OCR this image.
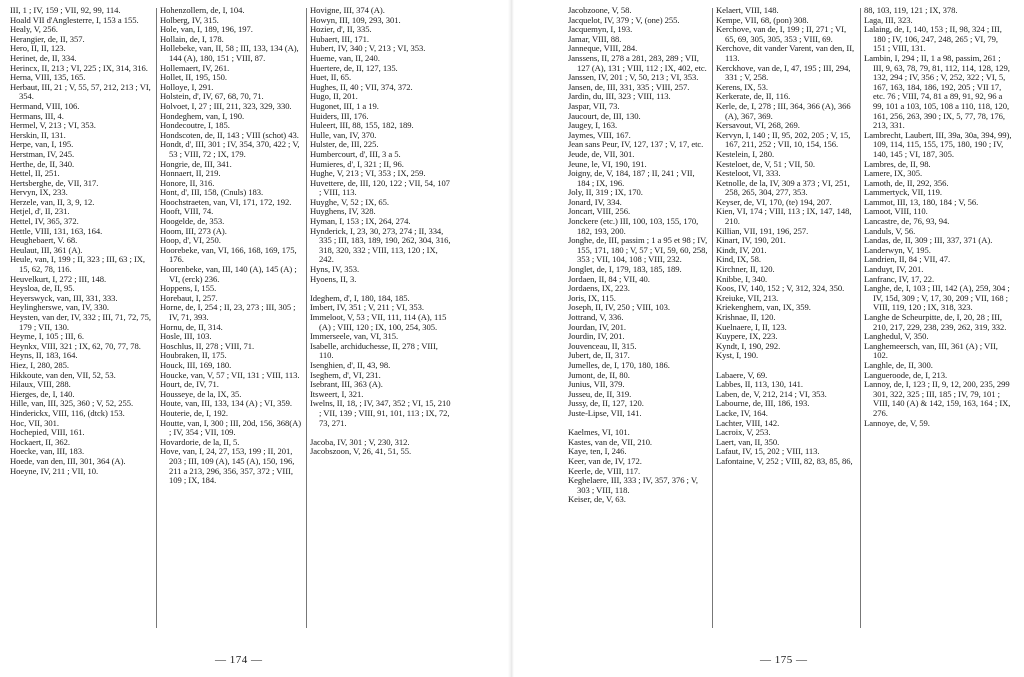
III, 1 ; IV, 159 ; VII, 92, 99, 114.

Hoald VII d'Anglesterre, I, 153 a 155.

Healy, V, 256.

Herangier, de, II, 357.

Hero, II, II, 123.

Herinet, de, II, 334.

Herincx, II, 213 ; VI, 225 ; IX, 314, 316.

Herna, VIII, 135, 165.

Herbaut, III, 21 ; V, 55, 57, 212, 213 ; VI, 354.

Hermand, VIII, 106.

Hermans, III, 4.

Hermel, V, 213 ; VI, 353.

Herskin, II, 131.

Herpe, van, I, 195.

Herstman, IV, 245.

Herthe, de, II, 340.

Hettel, II, 251.

Hertsberghe, de, VII, 317.

Hervyn, IX, 233.

Herzele, van, II, 3, 9, 12.

Hetjel, d', II, 231.

Hettel, IV, 365, 372.

Hettle, VIII, 131, 163, 164.

Heughebaert, V. 68.

Heulaut, III, 361 (A).

Heule, van, I, 199 ; II, 323 ; III, 63 ; IX, 15, 62, 78, 116.

Heuvelkurt, I, 272 ; III, 148.

Heysloa, de, II, 95.

Heyerswyck, van, III, 331, 333.

Heylingherswe, van, IV, 330.

Heysten, van der, IV, 332 ; III, 71, 72, 75, 179 ; VII, 130.

Heyme, I, 105 ; III, 6.

Heynkx, VIII, 321 ; IX, 62, 70, 77, 78.

Heyns, II, 183, 164.

Hiez, I, 280, 285.

Hikkoute, van den, VII, 52, 53.

Hilaux, VIII, 288.

Hierges, de, I, 140.

Hille, van, III, 325, 360 ; V, 52, 255.

Hinderickx, VIII, 116, (dtck) 153.

Hoc, VII, 301.

Hochepied, VIII, 161.

Hockaert, II, 362.

Hoecke, van, III, 183.

Hoede, van den, III, 301, 364 (A).

Hoeyne, IV, 211 ; VII, 10.

Hohenzollern, de, I, 104.

Holberg, IV, 315.

Hole, van, I, 189, 196, 197.

Hollain, de, I, 178.

Hollebeke, van, II, 58 ; III, 133, 134 (A), 144 (A), 180, 151 ; VIII, 87.

Hollemaert, IV, 261.

Hollet, II, 195, 150.

Holloye, I, 291.

Holstein, d', IV, 67, 68, 70, 71.

Holvoet, I, 27 ; III, 211, 323, 329, 330.

Hondeghem, van, I, 190.

Hondecoutre, I, 185.

Hondscoten, de, II, 143 ; VIII (schot) 43.

Hondt, d', III, 301 ; IV, 354, 370, 422 ; V, 53 ; VIII, 72 ; IX, 179.

Hongrie, de, III, 341.

Honnaert, II, 219.

Honore, II, 316.

Hont, d', III, 158, (Cnuls) 183.

Hoochstraeten, van, VI, 171, 172, 192.

Hooft, VIII, 74.

Hoogelde, de, 353.

Hoom, III, 273 (A).

Hoop, d', VI, 250.

Hoorebeke, van, VI, 166, 168, 169, 175, 176.

Hoorenbeke, van, III, 140 (A), 145 (A) ; VI, (erck) 236.

Hoppens, I, 155.

Horebaut, I, 257.

Horne, de, I, 254 ; II, 23, 273 ; III, 305 ; IV, 71, 393.

Hornu, de, II, 314.

Hosle, III, 103.

Hoschlus, II, 278 ; VIII, 71.

Houbraken, II, 175.

Houck, III, 169, 180.

Houcke, van, V, 57 ; VII, 131 ; VIII, 113.

Hourt, de, IV, 71.

Housseye, de la, IX, 35.

Houte, van, III, 133, 134 (A) ; VI, 359.

Houterie, de, I, 192.

Houtte, van, I, 300 ; III, 20d, 156, 368(A) ; IV, 354 ; VII, 109.

Hovardorie, de la, II, 5.

Hove, van, I, 24, 27, 153, 199 ; II, 201, 203 ; III, 109 (A), 145 (A), 150, 196, 211 a 213, 296, 356, 357, 372 ; VIII, 109 ; IX, 184.

Hovigne, III, 374 (A).

Howyn, III, 109, 293, 301.

Hozier, d', II, 335.

Hubaert, III, 171.

Hubert, IV, 340 ; V, 213 ; VI, 353.

Hueme, van, II, 240.

Huertere, de, II, 127, 135.

Huet, II, 65.

Hughes, II, 40 ; VII, 374, 372.

Hugo, II, 201.

Hugonet, III, 1 a 19.

Huiders, III, 176.

Huleert, III, 88, 155, 182, 189.

Hulle, van, IV, 370.

Hulster, de, III, 225.

Humbercourt, d', III, 3 a 5.

Humieres, d', I, 321 ; II, 96.

Hughe, V, 213 ; VI, 353 ; IX, 259.

Huvettere, de, III, 120, 122 ; VII, 54, 107 ; VIII, 113.

Huyghe, V, 52 ; IX, 65.

Huyghens, IV, 328.

Hyman, I, 153 ; IX, 264, 274.

Hynderick, I, 23, 30, 273, 274 ; II, 334, 335 ; III, 183, 189, 190, 262, 304, 316, 318, 320, 332 ; VIII, 113, 120 ; IX, 242.

Hyns, IV, 353.

Hyoens, II, 3.

Ideghem, d', I, 180, 184, 185.

Imbert, IV, 351 ; V, 211 ; VI, 353.

Immeloot, V, 53 ; VII, 111, 114 (A), 115 (A) ; VIII, 120 ; IX, 100, 254, 305.

Immerseele, van, VI, 315.

Isabelle, archiduchesse, II, 278 ; VIII, 110.

Isenghien, d', II, 43, 98.

Iseghem, d', VI, 231.

Isebrant, III, 363 (A).

Itsweert, I, 321.

Iwelns, II, 18, ; IV, 347, 352 ; VI, 15, 210 ; VII, 139 ; VIII, 91, 101, 113 ; IX, 72, 73, 271.

Jacoba, IV, 301 ; V, 230, 312.

Jacobszoon, V, 26, 41, 51, 55.

— 174 —

Jacobzoone, V, 58.

Jacquelot, IV, 379 ; V, (one) 255.

Jacquemyn, I, 193.

Jamar, VIII, 88.

Janneque, VIII, 284.

Janssens, II, 278 a 281, 283, 289 ; VII, 127 (A), 131 ; VIII, 112 ; IX, 402, etc.

Janssen, IV, 201 ; V, 50, 213 ; VI, 353.

Jansen, de, III, 331, 335 ; VIII, 257.

Jardin, du, III, 323 ; VIII, 113.

Jaspar, VII, 73.

Jaucourt, de, III, 130.

Jaugey, I, 163.

Jaymes, VIII, 167.

Jean sans Peur, IV, 127, 137 ; V, 17, etc.

Jeude, de, VII, 301.

Jeune, le, VI, 190, 191.

Joigny, de, V, 184, 187 ; II, 241 ; VII, 184 ; IX, 196.

Joly, II, 319 ; IX, 170.

Jonard, IV, 334.

Joncart, VIII, 256.

Jonckere (etc.) III, 100, 103, 155, 170, 182, 193, 200.

Jonghe, de, III, passim ; 1 a 95 et 98 ; IV, 155, 171, 180 ; V, 57 ; VI, 59, 60, 258, 353 ; VII, 104, 108 ; VIII, 232.

Jonglet, de, I, 179, 183, 185, 189.

Jordaen, II, 84 ; VII, 40.

Jordaens, IX, 223.

Joris, IX, 115.

Joseph, II, IV, 250 ; VIII, 103.

Jottrand, V, 336.

Jourdan, IV, 201.

Jourdin, IV, 201.

Jouvenceau, II, 315.

Jubert, de, II, 317.

Jumelles, de, I, 170, 180, 186.

Jumont, de, II, 80.

Junius, VII, 379.

Jusseu, de, II, 319.

Jussy, de, II, 127, 120.

Juste-Lipse, VII, 141.

Kaelmes, VI, 101.

Kastes, van de, VII, 210.

Kaye, ten, I, 246.

Keer, van de, IV, 172.

Keerle, de, VIII, 117.

Keghelaere, III, 333 ; IV, 357, 376 ; V, 303 ; VIII, 118.

Keiser, de, V, 63.

Kelaert, VIII, 148.

Kempe, VII, 68, (pon) 308.

Kerchove, van de, I, 199 ; II, 271 ; VI, 65, 69, 305, 305, 353 ; VIII, 69.

Kerchove, dit vander Varent, van den, II, 113.

Kerckhove, van de, I, 47, 195 ; III, 294, 331 ; V, 258.

Kerens, IX, 53.

Kerkerate, de, II, 116.

Kerle, de, I, 278 ; III, 364, 366 (A), 366 (A), 367, 369.

Kersavout, VI, 268, 269.

Kervyn, I, 140 ; II, 95, 202, 205 ; V, 15, 167, 211, 252 ; VII, 10, 154, 156.

Kestelein, I, 280.

Kesteloet, de, V, 51 ; VII, 50.

Kesteloot, VI, 333.

Ketnolle, de la, IV, 309 a 373 ; VI, 251, 258, 265, 304, 277, 353.

Keyser, de, VI, 170, (te) 194, 207.

Kien, VI, 174 ; VIII, 113 ; IX, 147, 148, 210.

Killian, VII, 191, 196, 257.

Kinart, IV, 190, 201.

Kindt, IV, 201.

Kind, IX, 58.

Kirchner, II, 120.

Knibbe, I, 340.

Koos, IV, 140, 152 ; V, 312, 324, 350.

Kreiuke, VII, 213.

Kriekenghem, van, IX, 359.

Krishnae, II, 120.

Kuelnaere, I, II, 123.

Kuypere, IX, 223.

Kyndt, I, 190, 292.

Kyst, I, 190.

Labaere, V, 69.

Labbes, II, 113, 130, 141.

Laben, de, V, 212, 214 ; VI, 353.

Labourne, de, III, 186, 193.

Lacke, IV, 164.

Lachter, VIII, 142.

Lacroix, V, 253.

Laert, van, II, 350.

Lafaut, IV, 15, 202 ; VIII, 113.

Lafontaine, V, 252 ; VIII, 82, 83, 85, 86,

88, 103, 119, 121 ; IX, 378.

Laga, III, 323.

Lalaing, de, I, 140, 153 ; II, 98, 324 ; III, 180 ; IV, 106, 247, 248, 265 ; VI, 79, 151 ; VIII, 131.

Lambin, I, 294 ; II, 1 a 98, passim, 261 ; III, 9, 63, 78, 79, 81, 112, 114, 128, 129, 132, 294 ; IV, 356 ; V, 252, 322 ; VI, 5, 167, 163, 184, 186, 192, 205 ; VII 17, etc. 76 ; VIII, 74, 81 a 89, 91, 92, 96 a 99, 101 a 103, 105, 108 a 110, 118, 120, 161, 256, 263, 390 ; IX, 5, 77, 78, 176, 213, 331.

Lambrecht, Laubert, III, 39a, 30a, 394, 99), 109, 114, 115, 155, 175, 180, 190 ; IV, 140, 145 ; VI, 187, 305.

Lambres, de, II, 98.

Lamere, IX, 305.

Lamoth, de, II, 292, 356.

Lammertyck, VII, 119.

Lammot, III, 13, 180, 184 ; V, 56.

Lamoot, VIII, 110.

Lancastre, de, 76, 93, 94.

Landuls, V, 56.

Landas, de, II, 309 ; III, 337, 371 (A).

Landerwyn, V, 195.

Landrien, II, 84 ; VII, 47.

Landuyt, IV, 201.

Lanfranc, IV, 17, 22.

Langhe, de, I, 103 ; III, 142 (A), 259, 304 ; IV, 15d, 309 ; V, 17, 30, 209 ; VII, 168 ; VIII, 119, 120 ; IX, 318, 323.

Langhe de Scheurpitte, de, I, 20, 28 ; III, 210, 217, 229, 238, 239, 262, 319, 332.

Langhedul, V, 350.

Langhemeersch, van, III, 361 (A) ; VII, 102.

Langhle, de, II, 300.

Langueroode, de, I, 213.

Lannoy, de, I, 123 ; II, 9, 12, 200, 235, 299 301, 322, 325 ; III, 185 ; IV, 79, 101 ; VIII, 140 (A) & 142, 159, 163, 164 ; IX, 276.

Lannoye, de, V, 59.

— 175 —
